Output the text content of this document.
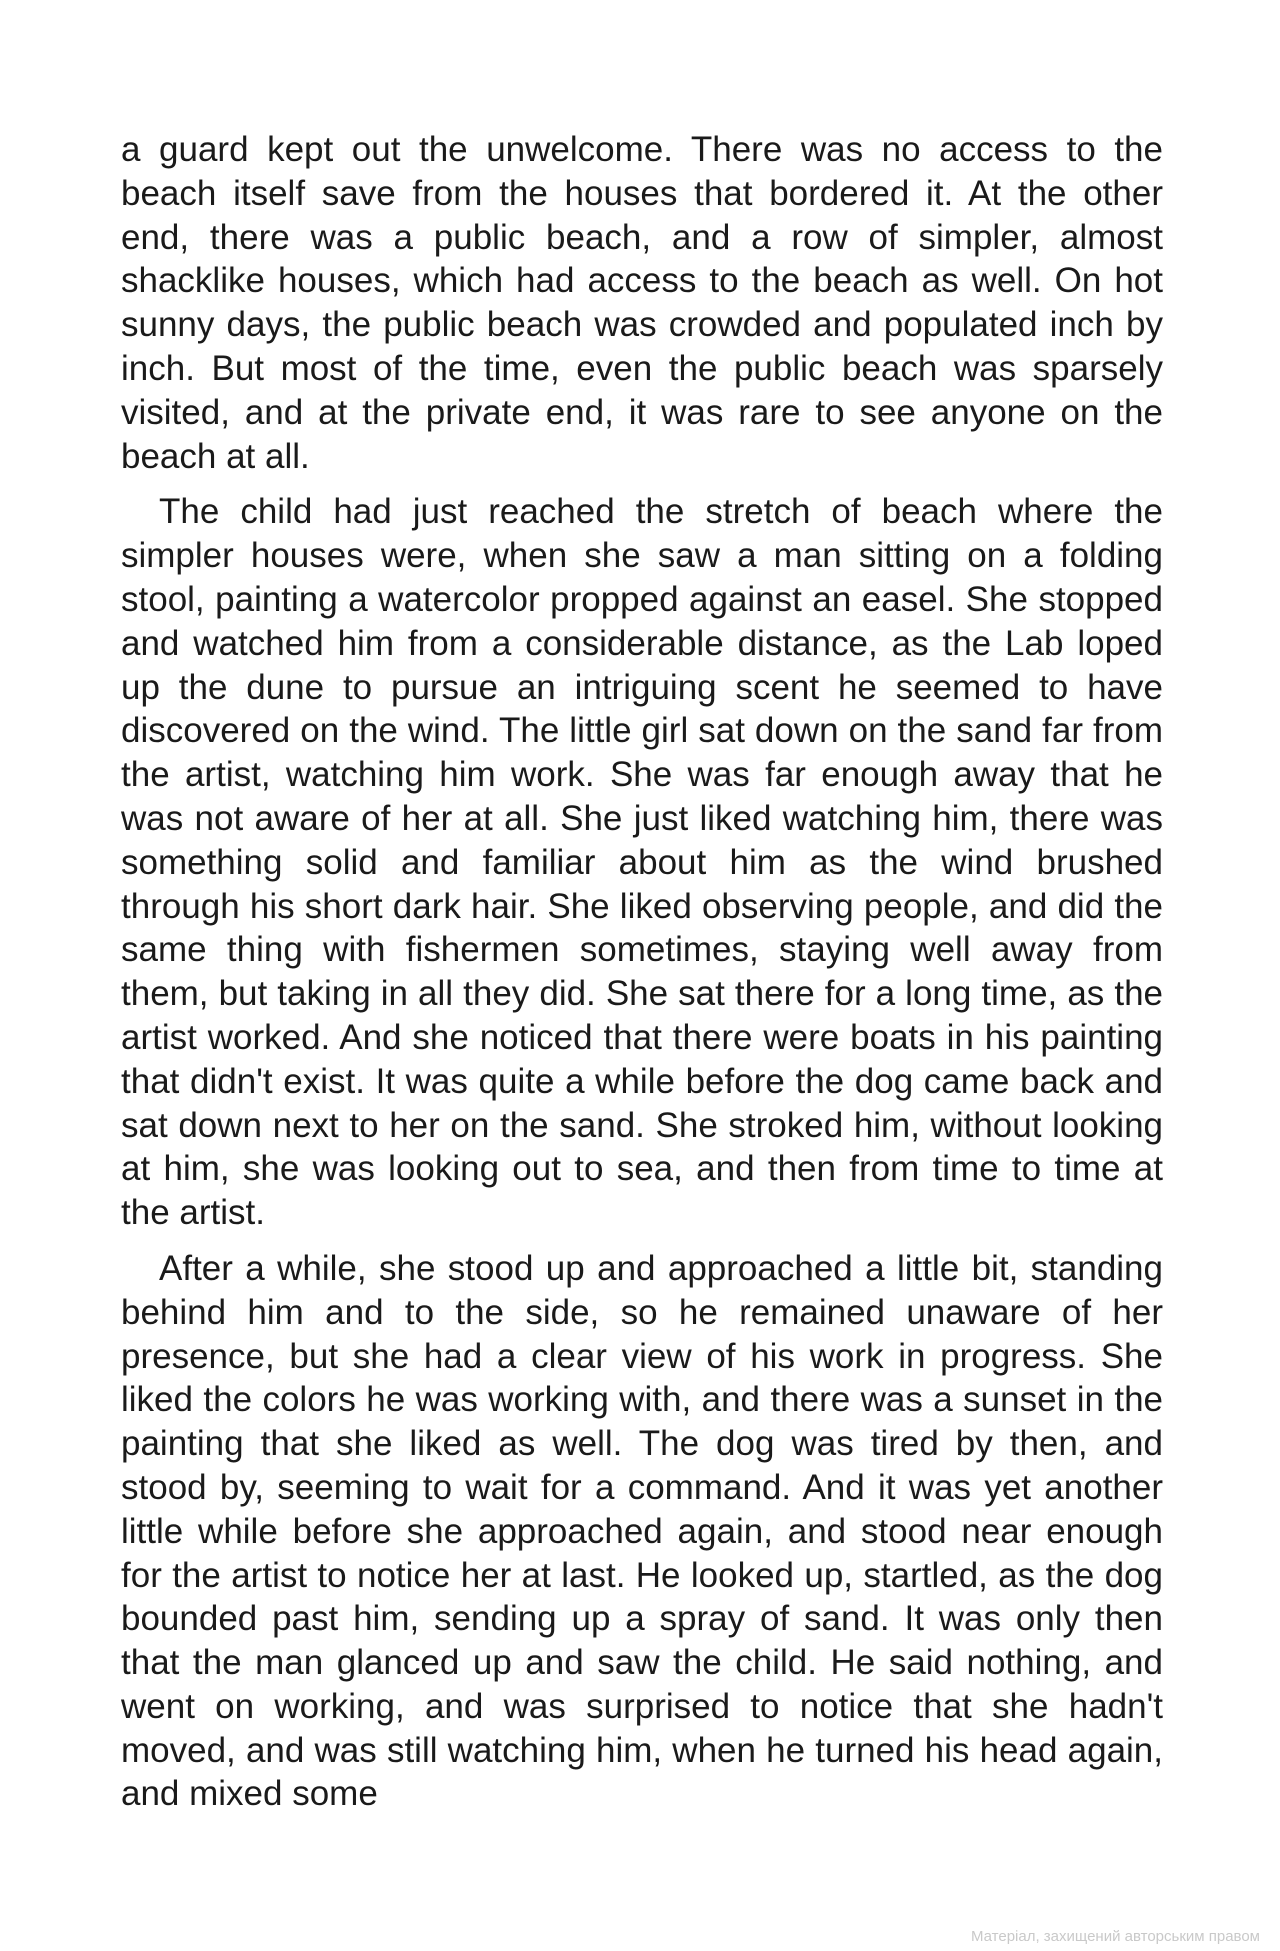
a guard kept out the unwelcome. There was no access to the beach itself save from the houses that bordered it. At the other end, there was a public beach, and a row of simpler, almost shacklike houses, which had access to the beach as well. On hot sunny days, the public beach was crowded and populated inch by inch. But most of the time, even the public beach was sparsely visited, and at the private end, it was rare to see anyone on the beach at all.

The child had just reached the stretch of beach where the simpler houses were, when she saw a man sitting on a folding stool, painting a watercolor propped against an easel. She stopped and watched him from a considerable distance, as the Lab loped up the dune to pursue an intriguing scent he seemed to have discovered on the wind. The little girl sat down on the sand far from the artist, watching him work. She was far enough away that he was not aware of her at all. She just liked watching him, there was something solid and familiar about him as the wind brushed through his short dark hair. She liked observing people, and did the same thing with fishermen sometimes, staying well away from them, but taking in all they did. She sat there for a long time, as the artist worked. And she noticed that there were boats in his painting that didn't exist. It was quite a while before the dog came back and sat down next to her on the sand. She stroked him, without looking at him, she was looking out to sea, and then from time to time at the artist.

After a while, she stood up and approached a little bit, standing behind him and to the side, so he remained unaware of her presence, but she had a clear view of his work in progress. She liked the colors he was working with, and there was a sunset in the painting that she liked as well. The dog was tired by then, and stood by, seeming to wait for a command. And it was yet another little while before she approached again, and stood near enough for the artist to notice her at last. He looked up, startled, as the dog bounded past him, sending up a spray of sand. It was only then that the man glanced up and saw the child. He said nothing, and went on working, and was surprised to notice that she hadn't moved, and was still watching him, when he turned his head again, and mixed some

Матеріал, захищений авторським правом
